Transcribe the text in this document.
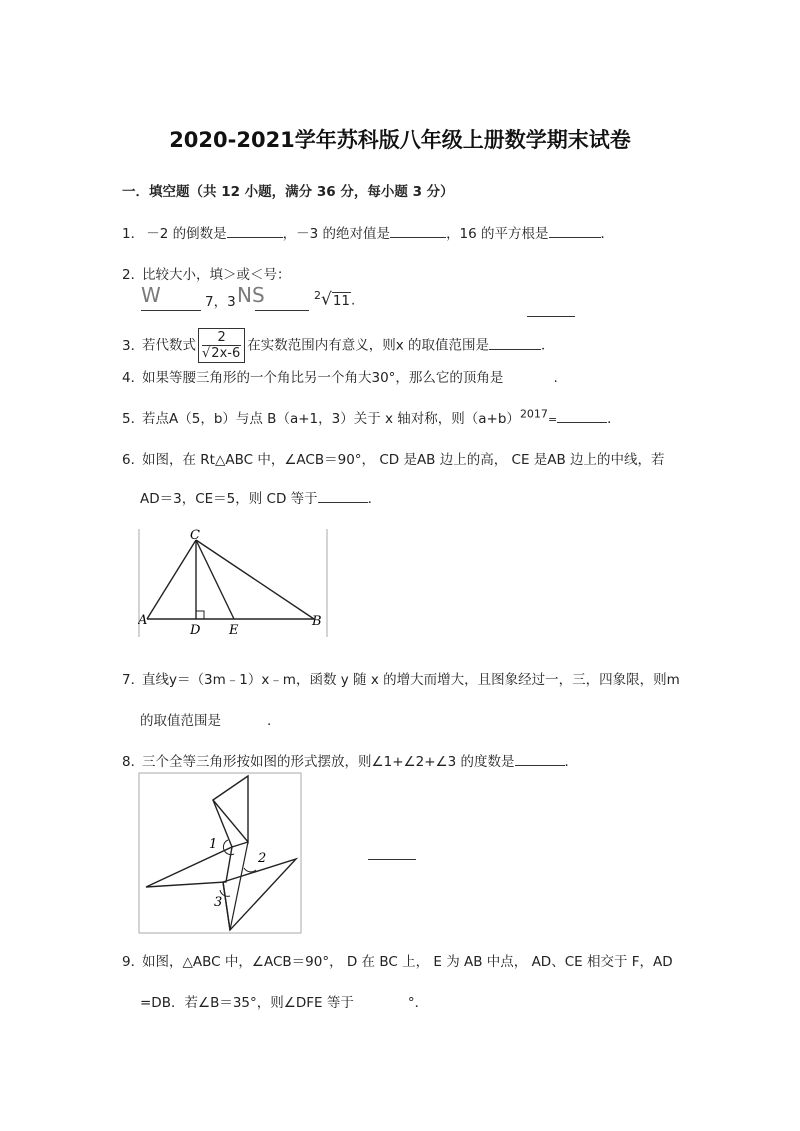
2020-2021学年苏科版八年级上册数学期末试卷
一．填空题（共 12 小题，满分 36 分，每小题 3 分）
1． －2 的倒数是	，－3 的绝对值是	，16 的平方根是	．
2．比较大小，填＞或＜号：
W	7，3 NS	$^2$√11.
3．若代数式 $\frac{2}{√2x-6}$ 在实数范围内有意义，则x 的取值范围是	．
4．如果等腰三角形的一个角比另一个角大30°，那么它的顶角是	.
5．若点A（5，b）与点 B（a+1，3）关于 x 轴对称，则$(a+b)^{2017}=$	．
6．如图，在 Rt△ABC 中，∠ACB＝90°， CD 是AB 边上的高， CE 是AB 边上的中线，若
AD＝3，CE＝5，则 CD 等于	．
C
A
D E
B
7．直线y＝（3m﹣1）x﹣m，函数 y 随 x 的增大而增大，且图象经过一，三，四象限，则m
的取值范围是	.
8．三个全等三角形按如图的形式摆放，则∠1+∠2+∠3 的度数是	．
1
2
3
9．如图，△ABC 中，∠ACB＝90°， D 在 BC 上， E 为 AB 中点， AD、CE 相交于 F，AD
=DB．若∠B＝35°，则∠DFE 等于	°．
